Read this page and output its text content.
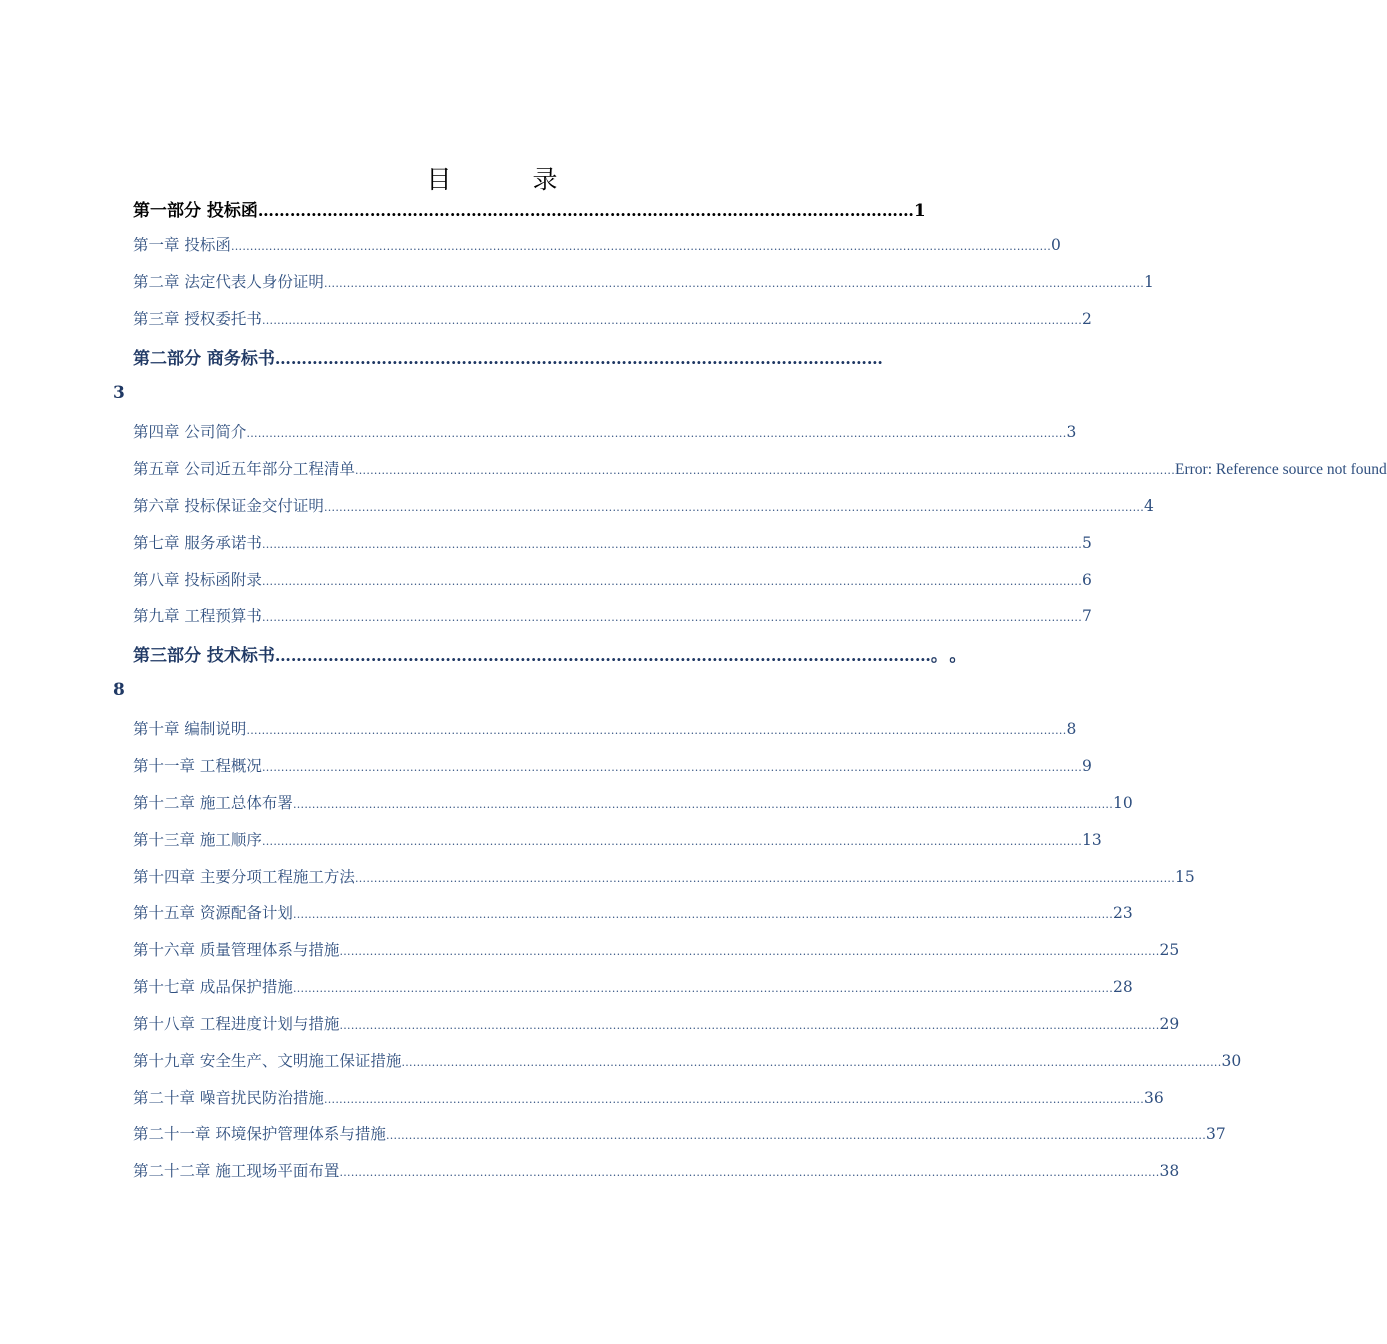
目　录
第一部分 投标函 …………………………………………………………………………………………………………… 1
第一章 投标函 ........................................................................................................................................................................................................................ 0
第二章 法定代表人身份证明 ........................................................................................................................................................................................................................ 1
第三章 授权委托书 ........................................................................................................................................................................................................................ 2
第二部分 商务标书 ……………………………………………………………………………………………………
3
第四章 公司简介 ........................................................................................................................................................................................................................ 3
第五章 公司近五年部分工程清单 ........................................................................................................................................................................................................................ Error: Reference source not found
第六章 投标保证金交付证明 ........................................................................................................................................................................................................................ 4
第七章 服务承诺书 ........................................................................................................................................................................................................................ 5
第八章 投标函附录 ........................................................................................................................................................................................................................ 6
第九章 工程预算书 ........................................................................................................................................................................................................................ 7
第三部分 技术标书 …………………………………………………………………………………………………………… 。。
8
第十章 编制说明 ........................................................................................................................................................................................................................ 8
第十一章 工程概况 ........................................................................................................................................................................................................................ 9
第十二章 施工总体布署 ........................................................................................................................................................................................................................ 10
第十三章 施工顺序 ........................................................................................................................................................................................................................ 13
第十四章 主要分项工程施工方法 ........................................................................................................................................................................................................................ 15
第十五章 资源配备计划 ........................................................................................................................................................................................................................ 23
第十六章 质量管理体系与措施 ........................................................................................................................................................................................................................ 25
第十七章 成品保护措施 ........................................................................................................................................................................................................................ 28
第十八章 工程进度计划与措施 ........................................................................................................................................................................................................................ 29
第十九章 安全生产、文明施工保证措施 ........................................................................................................................................................................................................................ 30
第二十章 噪音扰民防治措施 ........................................................................................................................................................................................................................ 36
第二十一章 环境保护管理体系与措施 ........................................................................................................................................................................................................................ 37
第二十二章 施工现场平面布置 ........................................................................................................................................................................................................................ 38
